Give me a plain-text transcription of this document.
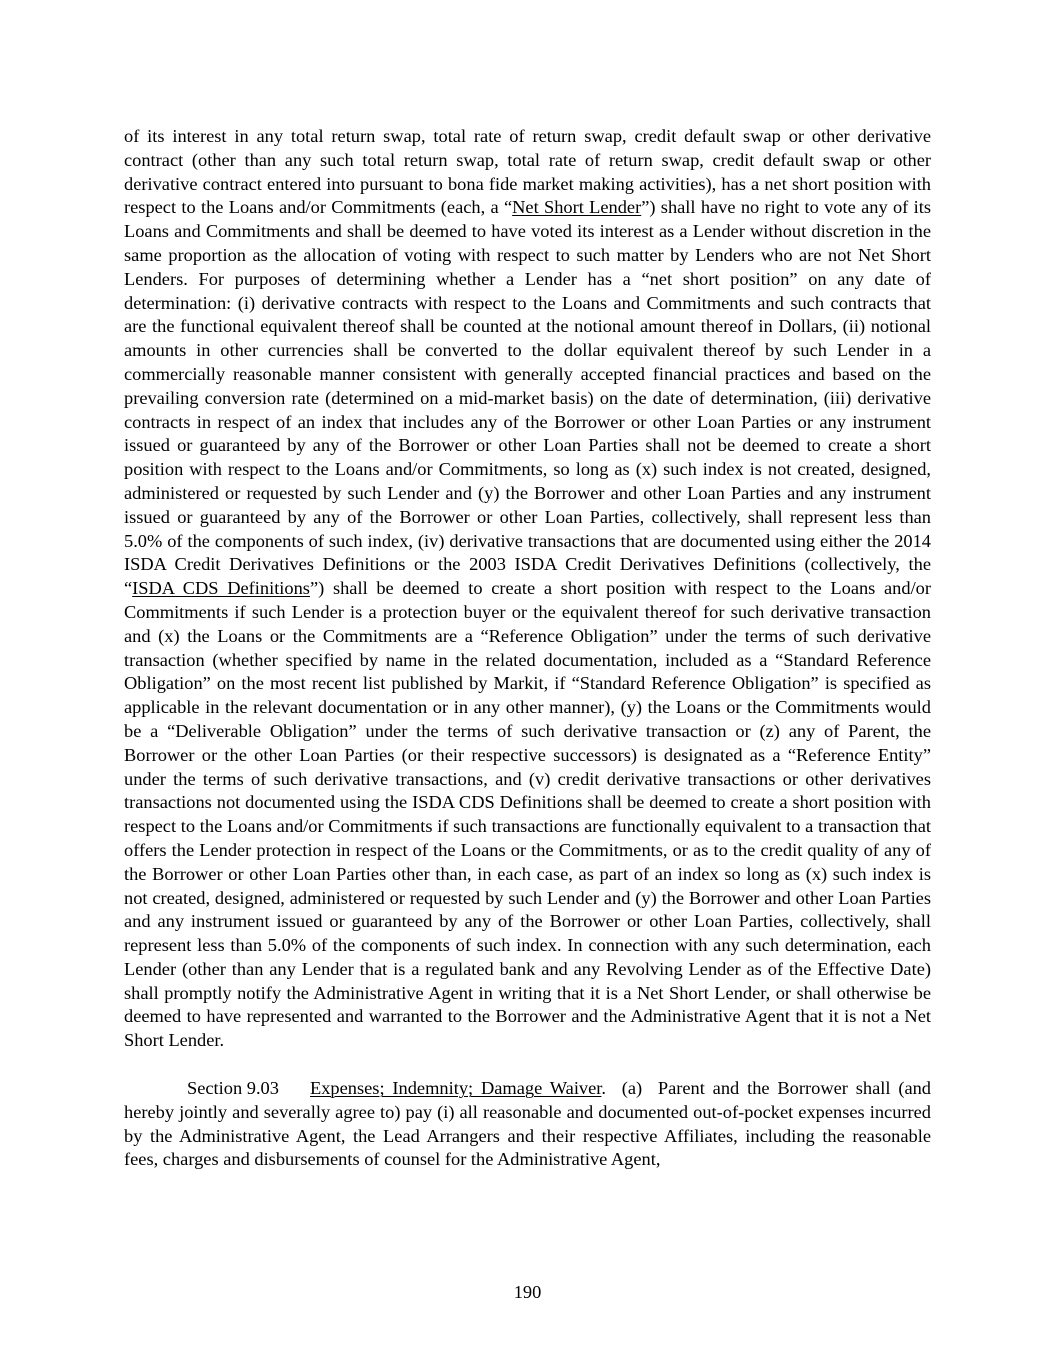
of its interest in any total return swap, total rate of return swap, credit default swap or other derivative contract (other than any such total return swap, total rate of return swap, credit default swap or other derivative contract entered into pursuant to bona fide market making activities), has a net short position with respect to the Loans and/or Commitments (each, a “Net Short Lender”) shall have no right to vote any of its Loans and Commitments and shall be deemed to have voted its interest as a Lender without discretion in the same proportion as the allocation of voting with respect to such matter by Lenders who are not Net Short Lenders. For purposes of determining whether a Lender has a “net short position” on any date of determination: (i) derivative contracts with respect to the Loans and Commitments and such contracts that are the functional equivalent thereof shall be counted at the notional amount thereof in Dollars, (ii) notional amounts in other currencies shall be converted to the dollar equivalent thereof by such Lender in a commercially reasonable manner consistent with generally accepted financial practices and based on the prevailing conversion rate (determined on a mid-market basis) on the date of determination, (iii) derivative contracts in respect of an index that includes any of the Borrower or other Loan Parties or any instrument issued or guaranteed by any of the Borrower or other Loan Parties shall not be deemed to create a short position with respect to the Loans and/or Commitments, so long as (x) such index is not created, designed, administered or requested by such Lender and (y) the Borrower and other Loan Parties and any instrument issued or guaranteed by any of the Borrower or other Loan Parties, collectively, shall represent less than 5.0% of the components of such index, (iv) derivative transactions that are documented using either the 2014 ISDA Credit Derivatives Definitions or the 2003 ISDA Credit Derivatives Definitions (collectively, the “ISDA CDS Definitions”) shall be deemed to create a short position with respect to the Loans and/or Commitments if such Lender is a protection buyer or the equivalent thereof for such derivative transaction and (x) the Loans or the Commitments are a “Reference Obligation” under the terms of such derivative transaction (whether specified by name in the related documentation, included as a “Standard Reference Obligation” on the most recent list published by Markit, if “Standard Reference Obligation” is specified as applicable in the relevant documentation or in any other manner), (y) the Loans or the Commitments would be a “Deliverable Obligation” under the terms of such derivative transaction or (z) any of Parent, the Borrower or the other Loan Parties (or their respective successors) is designated as a “Reference Entity” under the terms of such derivative transactions, and (v) credit derivative transactions or other derivatives transactions not documented using the ISDA CDS Definitions shall be deemed to create a short position with respect to the Loans and/or Commitments if such transactions are functionally equivalent to a transaction that offers the Lender protection in respect of the Loans or the Commitments, or as to the credit quality of any of the Borrower or other Loan Parties other than, in each case, as part of an index so long as (x) such index is not created, designed, administered or requested by such Lender and (y) the Borrower and other Loan Parties and any instrument issued or guaranteed by any of the Borrower or other Loan Parties, collectively, shall represent less than 5.0% of the components of such index. In connection with any such determination, each Lender (other than any Lender that is a regulated bank and any Revolving Lender as of the Effective Date) shall promptly notify the Administrative Agent in writing that it is a Net Short Lender, or shall otherwise be deemed to have represented and warranted to the Borrower and the Administrative Agent that it is not a Net Short Lender.

Section 9.03 Expenses; Indemnity; Damage Waiver.  (a)  Parent and the Borrower shall (and hereby jointly and severally agree to) pay (i) all reasonable and documented out-of-pocket expenses incurred by the Administrative Agent, the Lead Arrangers and their respective Affiliates, including the reasonable fees, charges and disbursements of counsel for the Administrative Agent,

190
